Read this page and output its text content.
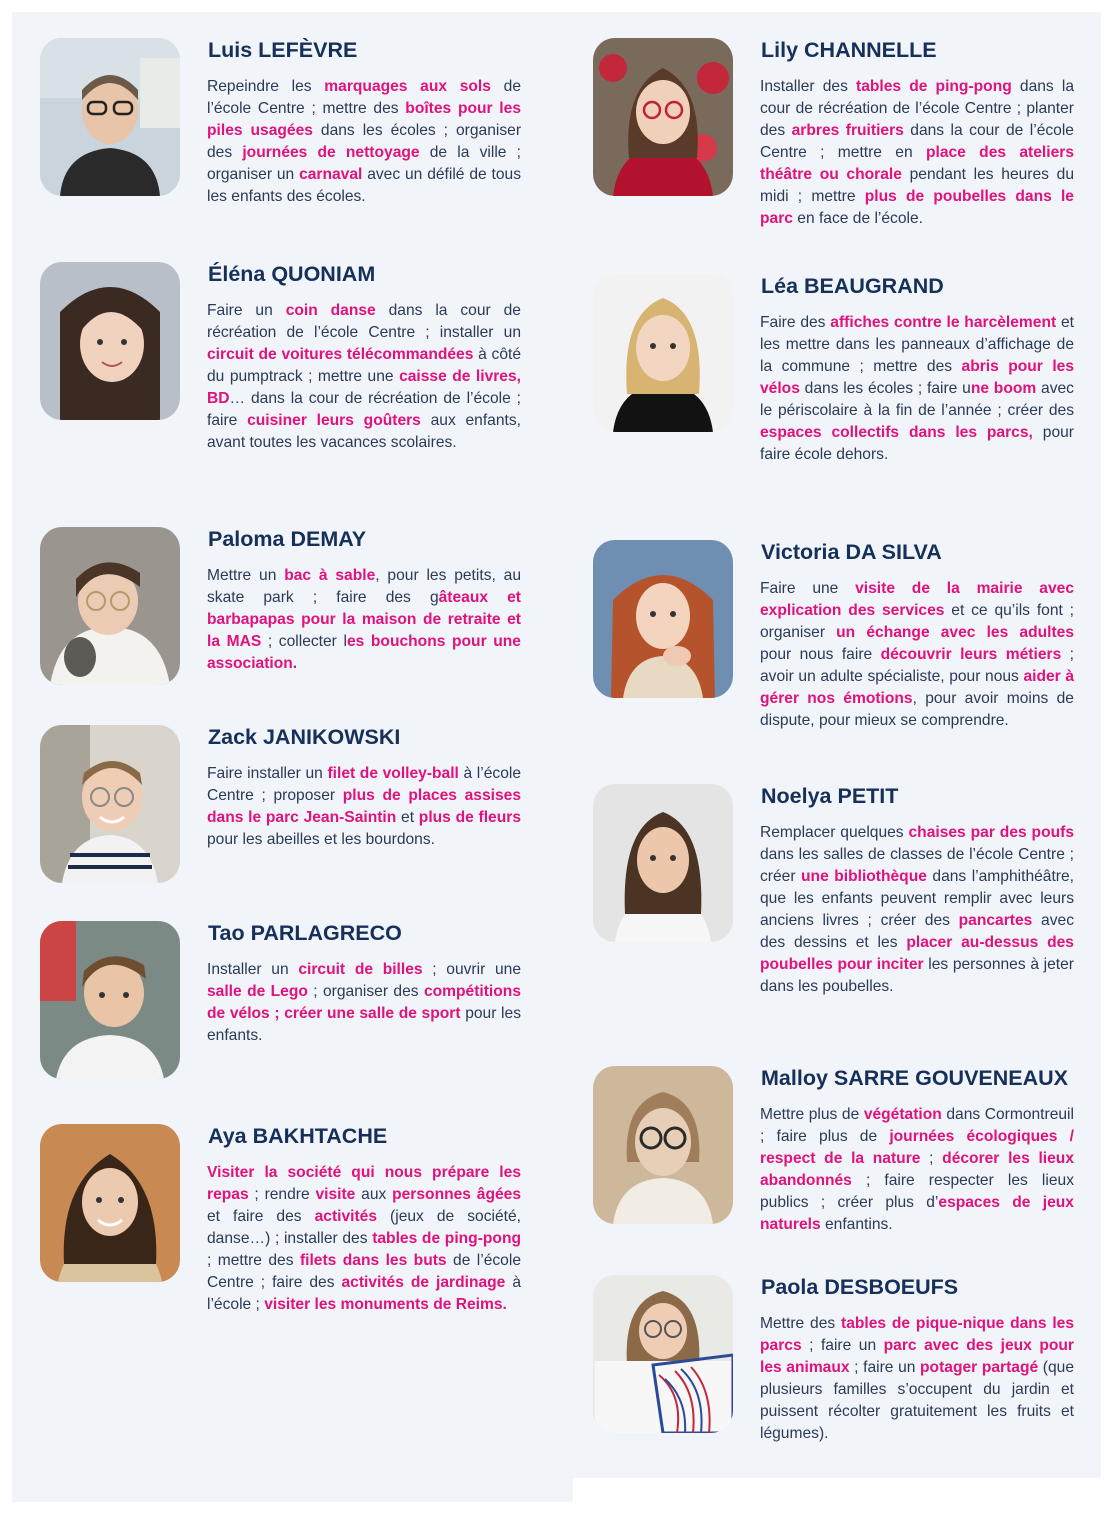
Luis LEFÈVRE

Repeindre les marquages aux sols de l’école Centre ; mettre des boîtes pour les piles usagées dans les écoles ; organiser des journées de nettoyage de la ville ; organiser un carnaval avec un défilé de tous les enfants des écoles.

Éléna QUONIAM

Faire un coin danse dans la cour de récréation de l’école Centre ; installer un circuit de voitures télécommandées à côté du pumptrack ; mettre une caisse de livres, BD… dans la cour de récréation de l’école ; faire cuisiner leurs goûters aux enfants, avant toutes les vacances scolaires.

Paloma DEMAY

Mettre un bac à sable, pour les petits, au skate park ; faire des gâteaux et barbapapas pour la maison de retraite et la MAS ; collecter les bouchons pour une association.

Zack JANIKOWSKI

Faire installer un filet de volley-ball à l’école Centre ; proposer plus de places assises dans le parc Jean-Saintin et plus de fleurs pour les abeilles et les bourdons.

Tao PARLAGRECO

Installer un circuit de billes ; ouvrir une salle de Lego ; organiser des compétitions de vélos ; créer une salle de sport pour les enfants.

Aya BAKHTACHE

Visiter la société qui nous prépare les repas ; rendre visite aux personnes âgées et faire des activités (jeux de société, danse…) ; installer des tables de ping-pong ; mettre des filets dans les buts de l’école Centre ; faire des activités de jardinage à l’école ; visiter les monuments de Reims.

Lily CHANNELLE

Installer des tables de ping-pong dans la cour de récréation de l’école Centre ; planter des arbres fruitiers dans la cour de l’école Centre ; mettre en place des ateliers théâtre ou chorale pendant les heures du midi ; mettre plus de poubelles dans le parc en face de l’école.

Léa BEAUGRAND

Faire des affiches contre le harcèlement et les mettre dans les panneaux d’affichage de la commune ; mettre des abris pour les vélos dans les écoles ; faire une boom avec le périscolaire à la fin de l’année ; créer des espaces collectifs dans les parcs, pour faire école dehors.

Victoria DA SILVA

Faire une visite de la mairie avec explication des services et ce qu’ils font ; organiser un échange avec les adultes pour nous faire découvrir leurs métiers ; avoir un adulte spécialiste, pour nous aider à gérer nos émotions, pour avoir moins de dispute, pour mieux se comprendre.

Noelya PETIT

Remplacer quelques chaises par des poufs dans les salles de classes de l’école Centre ; créer une bibliothèque dans l’amphithéâtre, que les enfants peuvent remplir avec leurs anciens livres ; créer des pancartes avec des dessins et les placer au-dessus des poubelles pour inciter les personnes à jeter dans les poubelles.

Malloy SARRE GOUVENEAUX

Mettre plus de végétation dans Cormontreuil ; faire plus de journées écologiques / respect de la nature ; décorer les lieux abandonnés ; faire respecter les lieux publics ; créer plus d’espaces de jeux naturels enfantins.

Paola DESBOEUFS

Mettre des tables de pique-nique dans les parcs ; faire un parc avec des jeux pour les animaux ; faire un potager partagé (que plusieurs familles s’occupent du jardin et puissent récolter gratuitement les fruits et légumes).
